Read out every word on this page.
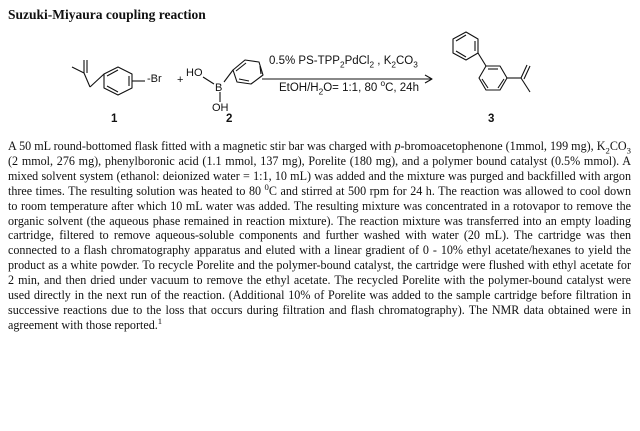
Suzuki-Miyaura coupling reaction
-Br +
HO
B
OH
1	2	3
0.5% $PS-TPP_2PdCl_2$ , $K_2CO_3$
EtOH/$H_2O=$ 1:1, 80 $^o$C, 24h

A 50 mL round-bottomed flask fitted with a magnetic stir bar was charged with p-bromoacetophenone (1mmol, 199 mg), $K_2CO_3$ (2 mmol, 276 mg), phenylboronic acid (1.1 mmol, 137 mg), Porelite (180 mg), and a polymer bound catalyst (0.5% mmol). A mixed solvent system (ethanol: deionized water = 1:1, 10 mL) was added and the mixture was purged and backfilled with argon three times. The resulting solution was heated to 80 $^0$C and stirred at 500 rpm for 24 h. The reaction was allowed to cool down to room temperature after which 10 mL water was added. The resulting mixture was concentrated in a rotovapor to remove the organic solvent (the aqueous phase remained in reaction mixture). The reaction mixture was transferred into an empty loading cartridge, filtered to remove aqueous-soluble components and further washed with water (20 mL). The cartridge was then connected to a flash chromatography apparatus and eluted with a linear gradient of 0 - 10% ethyl acetate/hexanes to yield the product as a white powder. To recycle Porelite and the polymer-bound catalyst, the cartridge were flushed with ethyl acetate for 2 min, and then dried under vacuum to remove the ethyl acetate. The recycled Porelite with the polymer-bound catalyst were used directly in the next run of the reaction. (Additional 10% of Porelite was added to the sample cartridge before filtration in successive reactions due to the loss that occurs during filtration and flash chromatography). The NMR data obtained were in agreement with those reported.$^1$
